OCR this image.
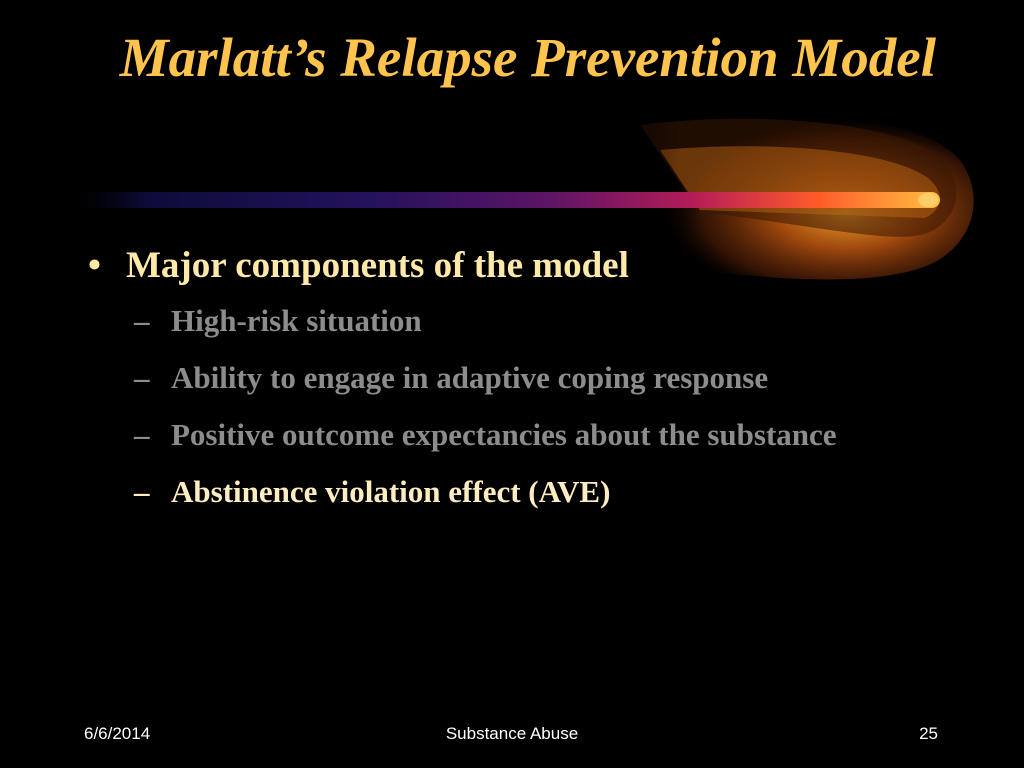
Marlatt’s Relapse Prevention Model
• Major components of the model
– High-risk situation
– Ability to engage in adaptive coping response
– Positive outcome expectancies about the substance
– Abstinence violation effect (AVE)
6/6/2014	Substance Abuse	25
